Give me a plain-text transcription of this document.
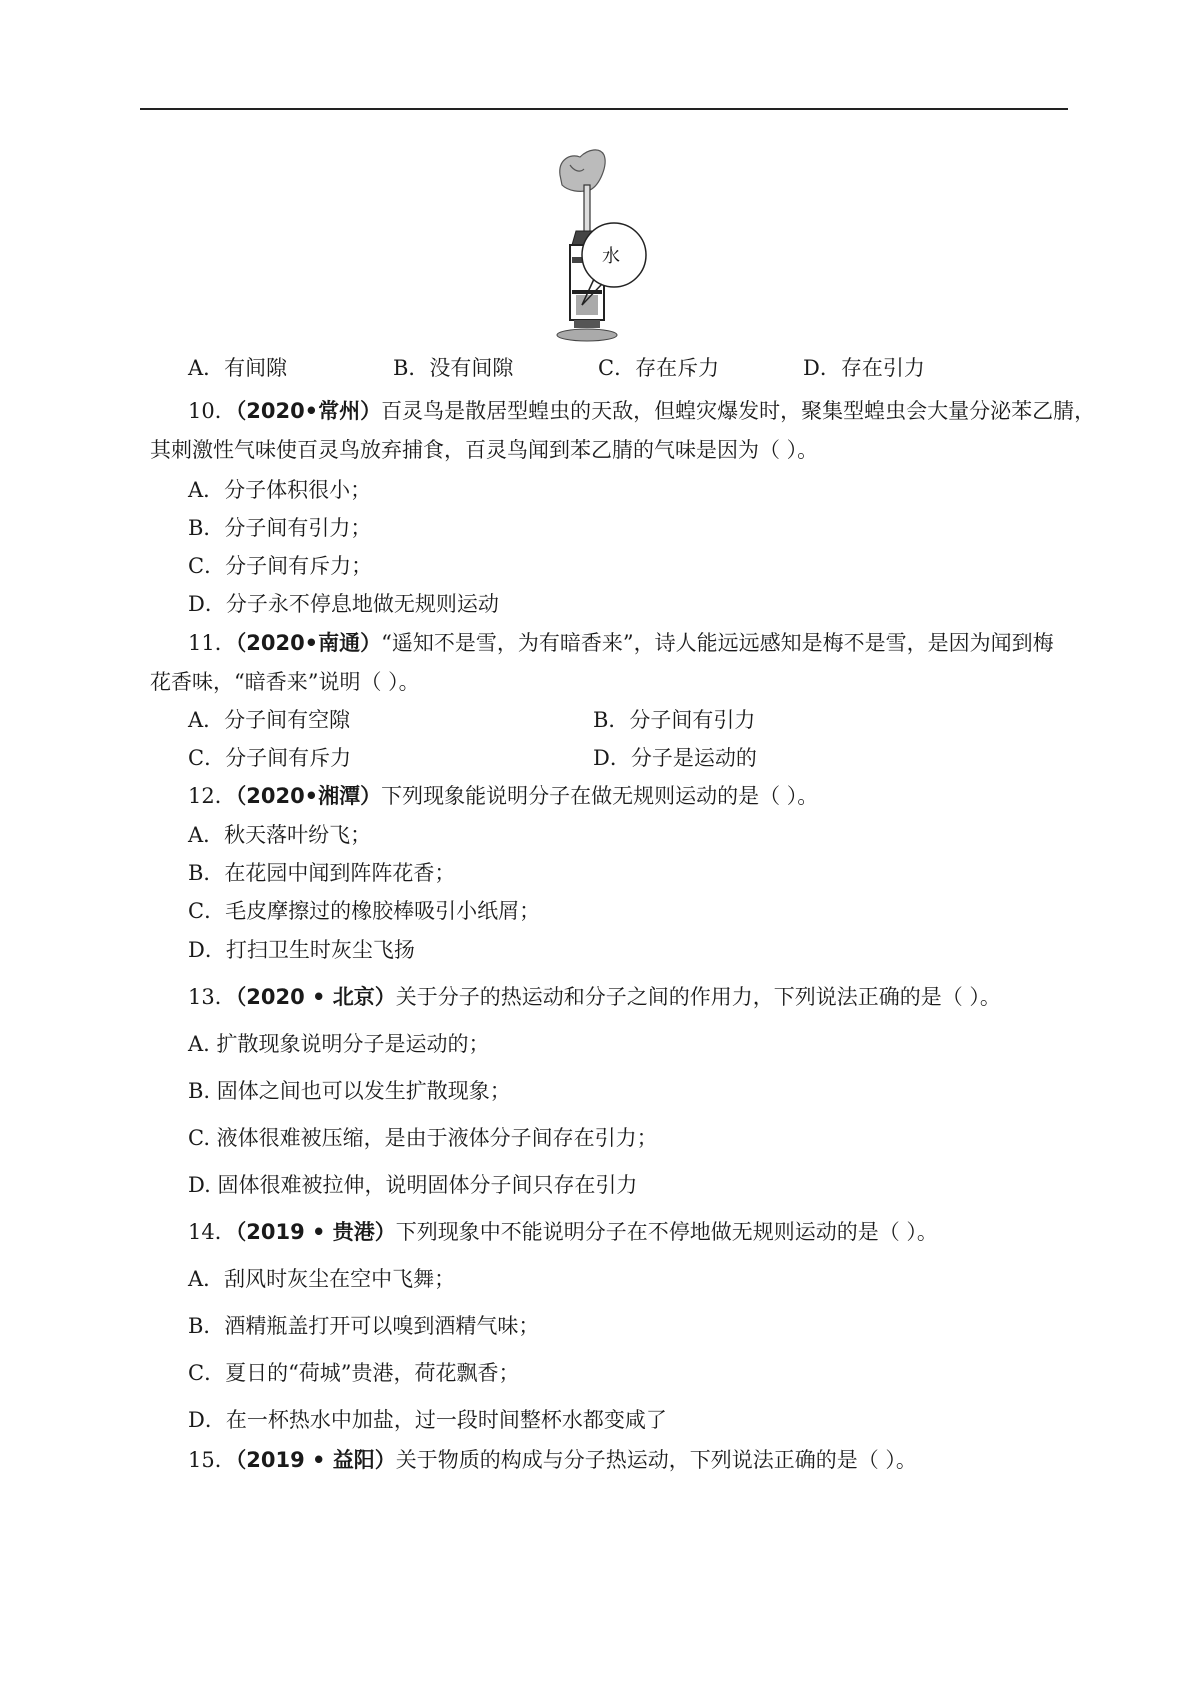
水
A．有间隙	B．没有间隙	C．存在斥力	D．存在引力
10．（2020•常州）百灵鸟是散居型蝗虫的天敌，但蝗灾爆发时，聚集型蝗虫会大量分泌苯乙腈，
其刺激性气味使百灵鸟放弃捕食，百灵鸟闻到苯乙腈的气味是因为（ ）。
A．分子体积很小；
B．分子间有引力；
C．分子间有斥力；
D．分子永不停息地做无规则运动
11．（2020•南通）“遥知不是雪，为有暗香来”，诗人能远远感知是梅不是雪，是因为闻到梅
花香味，“暗香来”说明（ ）。
A．分子间有空隙	B．分子间有引力
C．分子间有斥力	D．分子是运动的
12．（2020•湘潭）下列现象能说明分子在做无规则运动的是（ ）。
A．秋天落叶纷飞；
B．在花园中闻到阵阵花香；
C．毛皮摩擦过的橡胶棒吸引小纸屑；
D．打扫卫生时灰尘飞扬
13．（2020 • 北京）关于分子的热运动和分子之间的作用力，下列说法正确的是（ ）。
A. 扩散现象说明分子是运动的；
B. 固体之间也可以发生扩散现象；
C. 液体很难被压缩，是由于液体分子间存在引力；
D. 固体很难被拉伸，说明固体分子间只存在引力
14．（2019 • 贵港）下列现象中不能说明分子在不停地做无规则运动的是（ ）。
A．刮风时灰尘在空中飞舞；
B．酒精瓶盖打开可以嗅到酒精气味；
C．夏日的“荷城”贵港，荷花飘香；
D．在一杯热水中加盐，过一段时间整杯水都变咸了
15．（2019 • 益阳）关于物质的构成与分子热运动，下列说法正确的是（ ）。
